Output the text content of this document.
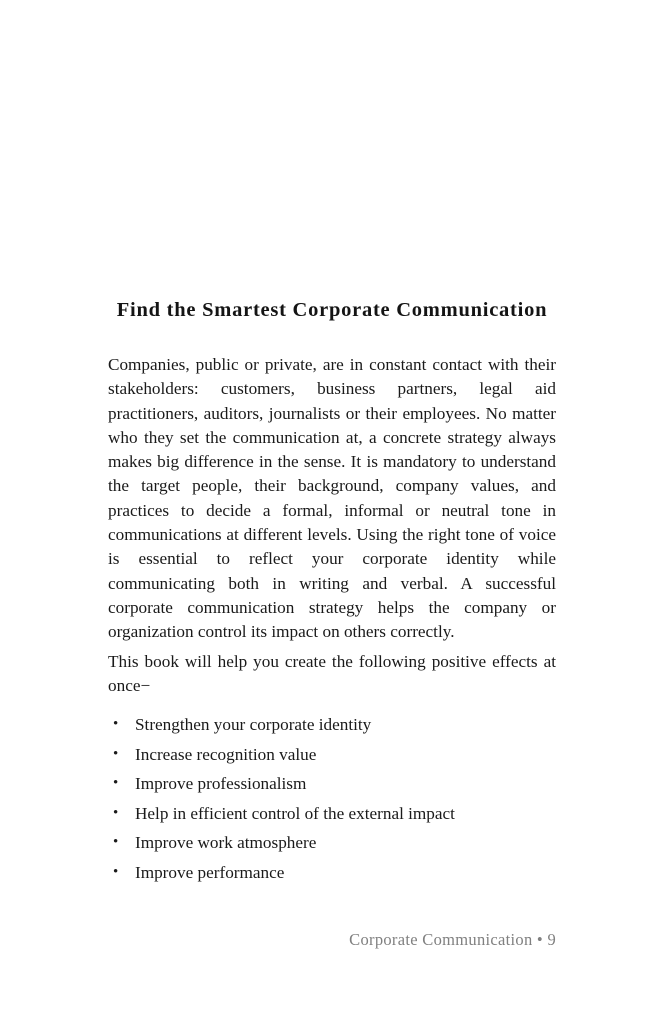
Find the Smartest Corporate Communication

Companies, public or private, are in constant contact with their stakeholders: customers, business partners, legal aid practitioners, auditors, journalists or their employees. No matter who they set the communication at, a concrete strategy always makes big difference in the sense. It is mandatory to understand the target people, their background, company values, and practices to decide a formal, informal or neutral tone in communications at different levels. Using the right tone of voice is essential to reflect your corporate identity while communicating both in writing and verbal. A successful corporate communication strategy helps the company or organization control its impact on others correctly.

This book will help you create the following positive effects at once−

• Strengthen your corporate identity
• Increase recognition value
• Improve professionalism
• Help in efficient control of the external impact
• Improve work atmosphere
• Improve performance
Corporate Communication • 9
